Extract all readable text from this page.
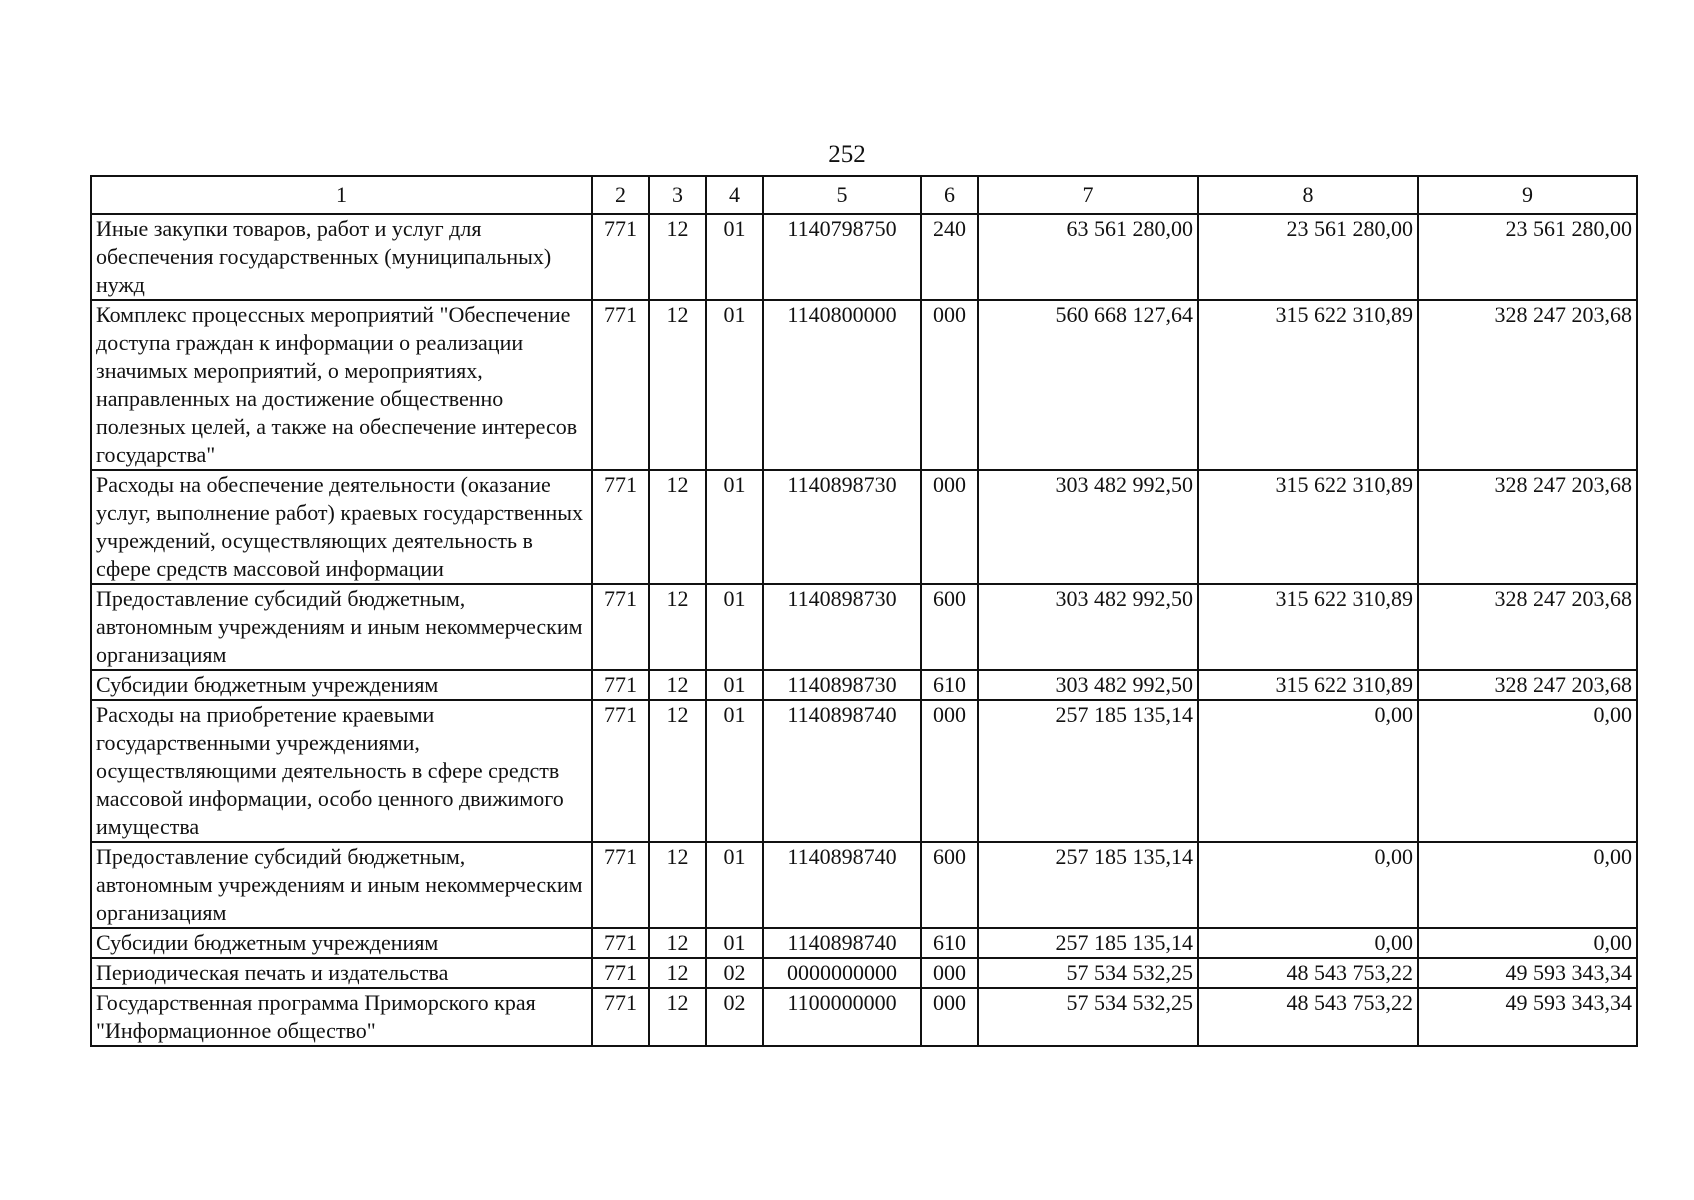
252
1	2	3	4	5	6	7	8	9
Иные закупки товаров, работ и услуг для обеспечения государственных (муниципальных) нужд	771	12	01	1140798750	240	63 561 280,00	23 561 280,00	23 561 280,00
Комплекс процессных мероприятий "Обеспечение доступа граждан к информации о реализации значимых мероприятий, о мероприятиях, направленных на достижение общественно полезных целей, а также на обеспечение интересов государства"	771	12	01	1140800000	000	560 668 127,64	315 622 310,89	328 247 203,68
Расходы на обеспечение деятельности (оказание услуг, выполнение работ) краевых государственных учреждений, осуществляющих деятельность в сфере средств массовой информации	771	12	01	1140898730	000	303 482 992,50	315 622 310,89	328 247 203,68
Предоставление субсидий бюджетным, автономным учреждениям и иным некоммерческим организациям	771	12	01	1140898730	600	303 482 992,50	315 622 310,89	328 247 203,68
Субсидии бюджетным учреждениям	771	12	01	1140898730	610	303 482 992,50	315 622 310,89	328 247 203,68
Расходы на приобретение краевыми государственными учреждениями, осуществляющими деятельность в сфере средств массовой информации, особо ценного движимого имущества	771	12	01	1140898740	000	257 185 135,14	0,00	0,00
Предоставление субсидий бюджетным, автономным учреждениям и иным некоммерческим организациям	771	12	01	1140898740	600	257 185 135,14	0,00	0,00
Субсидии бюджетным учреждениям	771	12	01	1140898740	610	257 185 135,14	0,00	0,00
Периодическая печать и издательства	771	12	02	0000000000	000	57 534 532,25	48 543 753,22	49 593 343,34
Государственная программа Приморского края "Информационное общество"	771	12	02	1100000000	000	57 534 532,25	48 543 753,22	49 593 343,34
